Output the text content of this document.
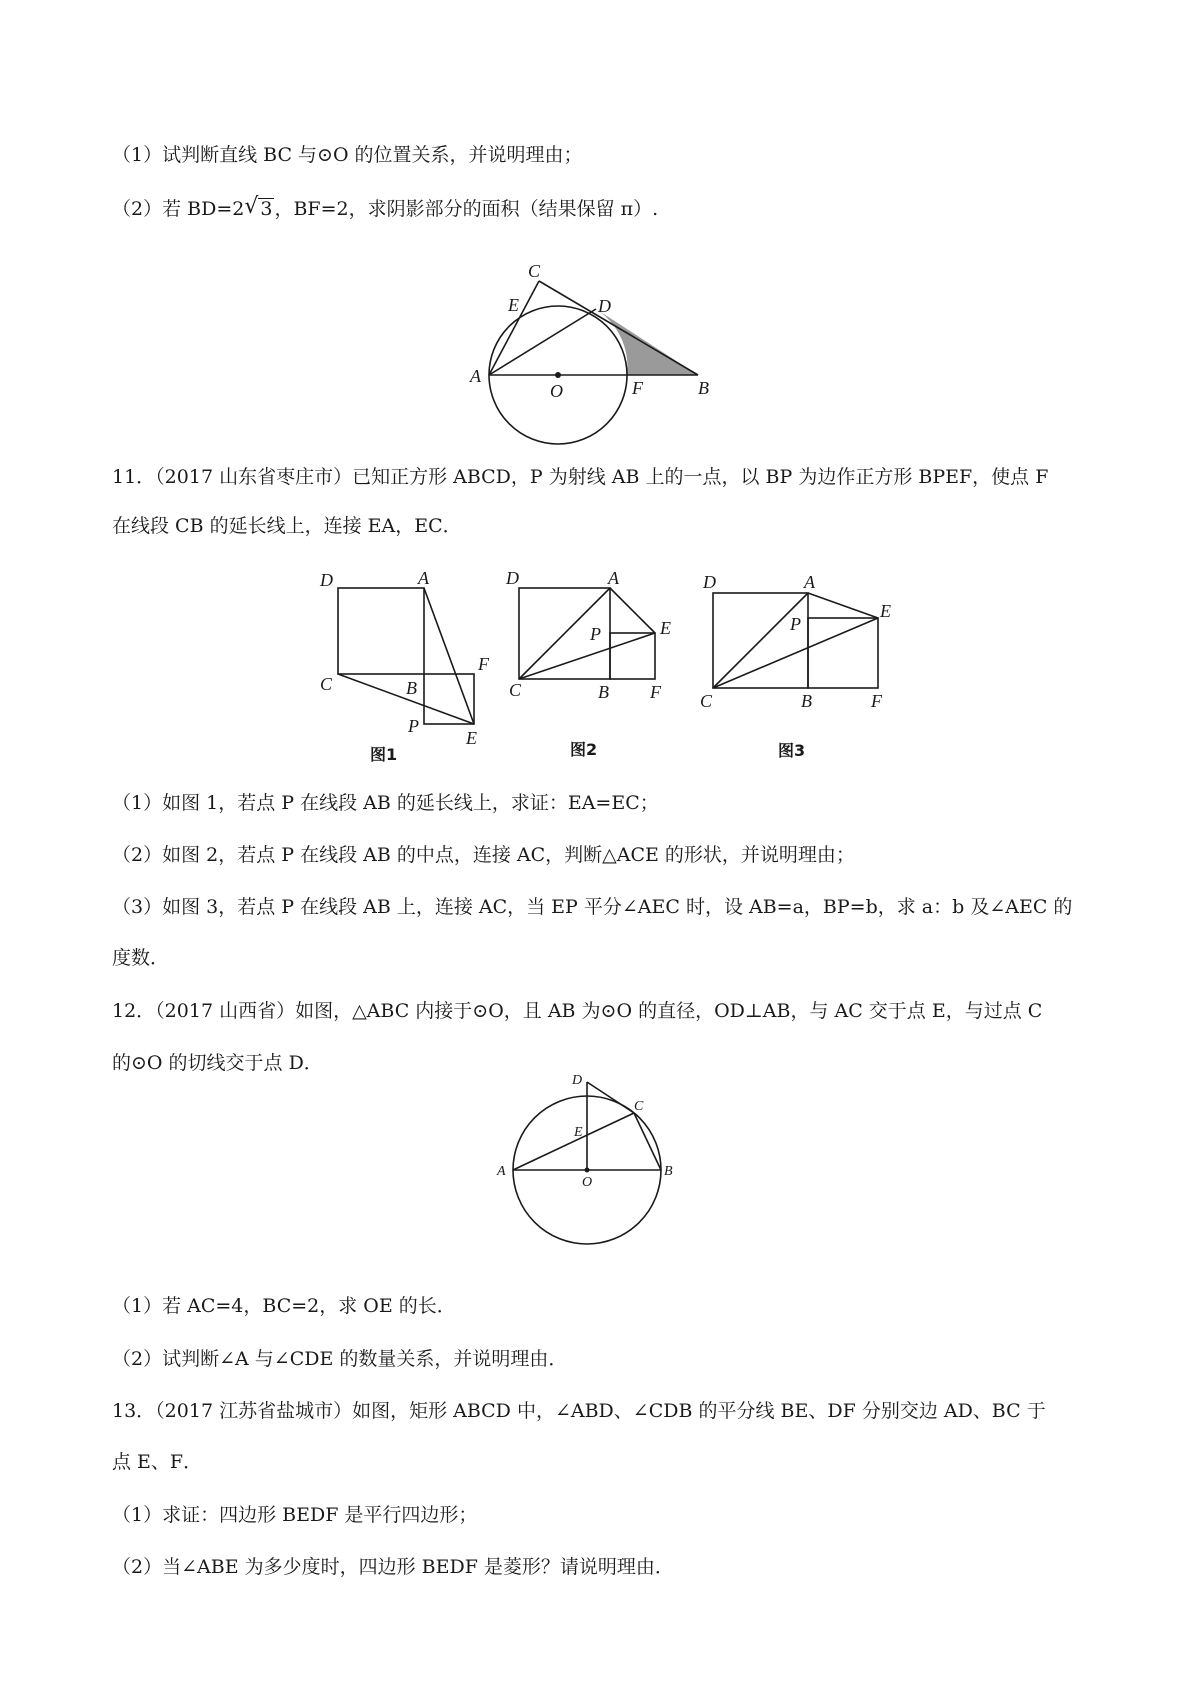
（1）试判断直线 BC 与⊙O 的位置关系，并说明理由；
（2）若 BD=2 √ 3 ，BF=2，求阴影部分的面积（结果保留 π）.
C
E	D
A
O	F	B
D	A
F
C	B
P
E
图1
D	A
P	E
C	B F
图2
D	A
P
E
C	B	F
图3
D
C
E
A
O
B
11．（2017 山东省枣庄市）已知正方形 ABCD，P 为射线 AB 上的一点，以 BP 为边作正方形 BPEF，使点 F
在线段 CB 的延长线上，连接 EA，EC．
（1）如图 1，若点 P 在线段 AB 的延长线上，求证：EA=EC；
（2）如图 2，若点 P 在线段 AB 的中点，连接 AC，判断△ACE 的形状，并说明理由；
（3）如图 3，若点 P 在线段 AB 上，连接 AC，当 EP 平分∠AEC 时，设 AB=a，BP=b，求 a：b 及∠AEC 的
度数．
12．（2017 山西省）如图，△ABC 内接于⊙O，且 AB 为⊙O 的直径，OD⊥AB，与 AC 交于点 E，与过点 C
的⊙O 的切线交于点 D．
（1）若 AC=4，BC=2，求 OE 的长．
（2）试判断∠A 与∠CDE 的数量关系，并说明理由．
13．（2017 江苏省盐城市）如图，矩形 ABCD 中，∠ABD、∠CDB 的平分线 BE、DF 分别交边 AD、BC 于
点 E、F．
（1）求证：四边形 BEDF 是平行四边形；
（2）当∠ABE 为多少度时，四边形 BEDF 是菱形？请说明理由．
